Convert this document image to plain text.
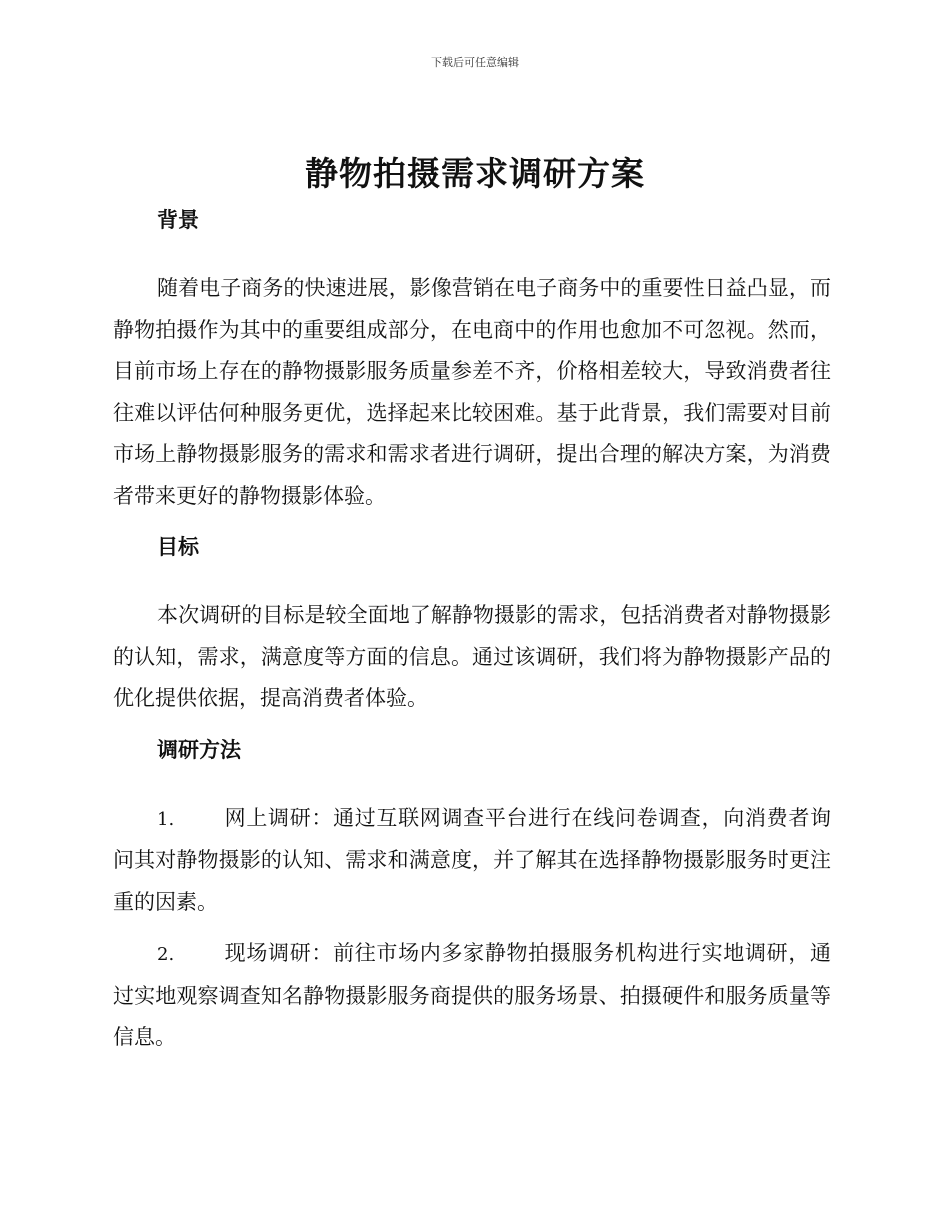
下载后可任意编辑
静物拍摄需求调研方案
背景

随着电子商务的快速进展，影像营销在电子商务中的重要性日益凸显，而静物拍摄作为其中的重要组成部分，在电商中的作用也愈加不可忽视。然而，目前市场上存在的静物摄影服务质量参差不齐，价格相差较大，导致消费者往往难以评估何种服务更优，选择起来比较困难。基于此背景，我们需要对目前市场上静物摄影服务的需求和需求者进行调研，提出合理的解决方案，为消费者带来更好的静物摄影体验。

目标

本次调研的目标是较全面地了解静物摄影的需求，包括消费者对静物摄影的认知，需求，满意度等方面的信息。通过该调研，我们将为静物摄影产品的优化提供依据，提高消费者体验。

调研方法

1. 网上调研：通过互联网调查平台进行在线问卷调查，向消费者询问其对静物摄影的认知、需求和满意度，并了解其在选择静物摄影服务时更注重的因素。

2. 现场调研：前往市场内多家静物拍摄服务机构进行实地调研，通过实地观察调查知名静物摄影服务商提供的服务场景、拍摄硬件和服务质量等信息。
